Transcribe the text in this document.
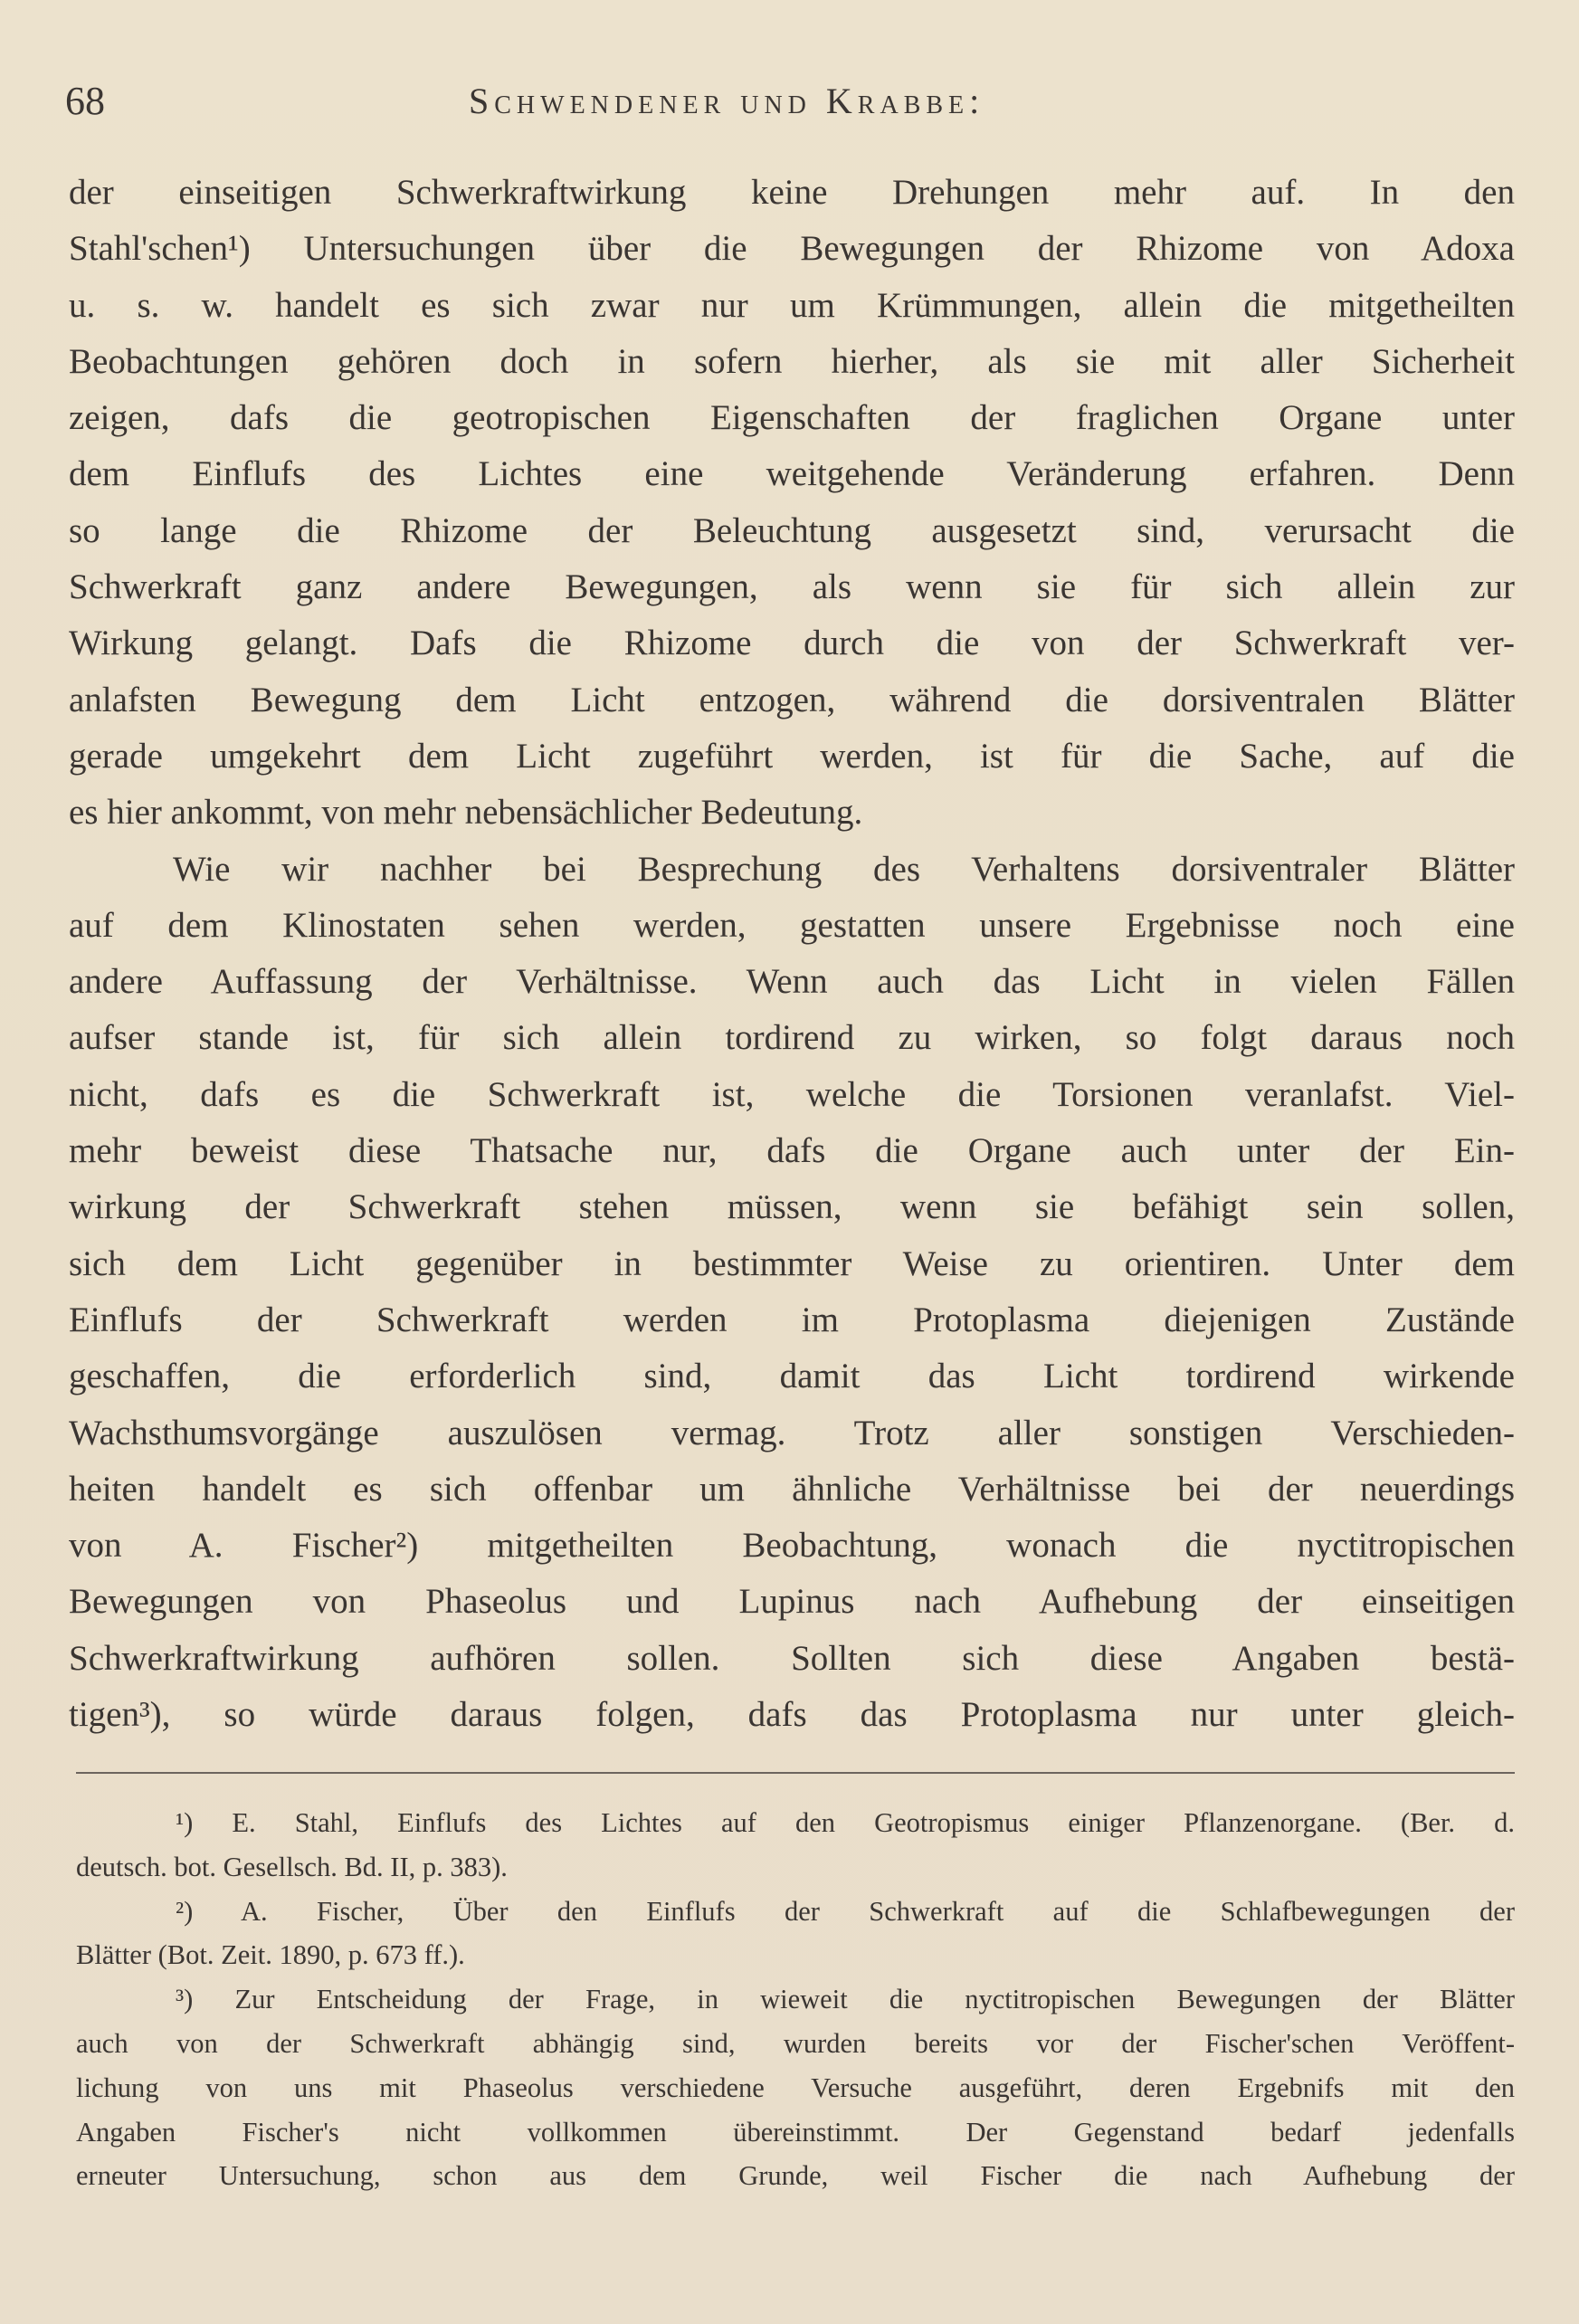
68	Schwendener und Krabbe:
der einseitigen Schwerkraftwirkung keine Drehungen mehr auf. In den
Stahl'schen¹) Untersuchungen über die Bewegungen der Rhizome von Adoxa
u. s. w. handelt es sich zwar nur um Krümmungen, allein die mitgetheilten
Beobachtungen gehören doch in sofern hierher, als sie mit aller Sicherheit
zeigen, dafs die geotropischen Eigenschaften der fraglichen Organe unter
dem Einflufs des Lichtes eine weitgehende Veränderung erfahren. Denn
so lange die Rhizome der Beleuchtung ausgesetzt sind, verursacht die
Schwerkraft ganz andere Bewegungen, als wenn sie für sich allein zur
Wirkung gelangt. Dafs die Rhizome durch die von der Schwerkraft ver-
anlafsten Bewegung dem Licht entzogen, während die dorsiventralen Blätter
gerade umgekehrt dem Licht zugeführt werden, ist für die Sache, auf die
es hier ankommt, von mehr nebensächlicher Bedeutung.
Wie wir nachher bei Besprechung des Verhaltens dorsiventraler Blätter
auf dem Klinostaten sehen werden, gestatten unsere Ergebnisse noch eine
andere Auffassung der Verhältnisse. Wenn auch das Licht in vielen Fällen
aufser stande ist, für sich allein tordirend zu wirken, so folgt daraus noch
nicht, dafs es die Schwerkraft ist, welche die Torsionen veranlafst. Viel-
mehr beweist diese Thatsache nur, dafs die Organe auch unter der Ein-
wirkung der Schwerkraft stehen müssen, wenn sie befähigt sein sollen,
sich dem Licht gegenüber in bestimmter Weise zu orientiren. Unter dem
Einflufs der Schwerkraft werden im Protoplasma diejenigen Zustände
geschaffen, die erforderlich sind, damit das Licht tordirend wirkende
Wachsthumsvorgänge auszulösen vermag. Trotz aller sonstigen Verschieden-
heiten handelt es sich offenbar um ähnliche Verhältnisse bei der neuerdings
von A. Fischer²) mitgetheilten Beobachtung, wonach die nyctitropischen
Bewegungen von Phaseolus und Lupinus nach Aufhebung der einseitigen
Schwerkraftwirkung aufhören sollen. Sollten sich diese Angaben bestä-
tigen³), so würde daraus folgen, dafs das Protoplasma nur unter gleich-
¹) E. Stahl, Einflufs des Lichtes auf den Geotropismus einiger Pflanzenorgane. (Ber. d.
deutsch. bot. Gesellsch. Bd. II, p. 383).
²) A. Fischer, Über den Einflufs der Schwerkraft auf die Schlafbewegungen der
Blätter (Bot. Zeit. 1890, p. 673 ff.).
³) Zur Entscheidung der Frage, in wieweit die nyctitropischen Bewegungen der Blätter
auch von der Schwerkraft abhängig sind, wurden bereits vor der Fischer'schen Veröffent-
lichung von uns mit Phaseolus verschiedene Versuche ausgeführt, deren Ergebnifs mit den
Angaben Fischer's nicht vollkommen übereinstimmt. Der Gegenstand bedarf jedenfalls
erneuter Untersuchung, schon aus dem Grunde, weil Fischer die nach Aufhebung der
